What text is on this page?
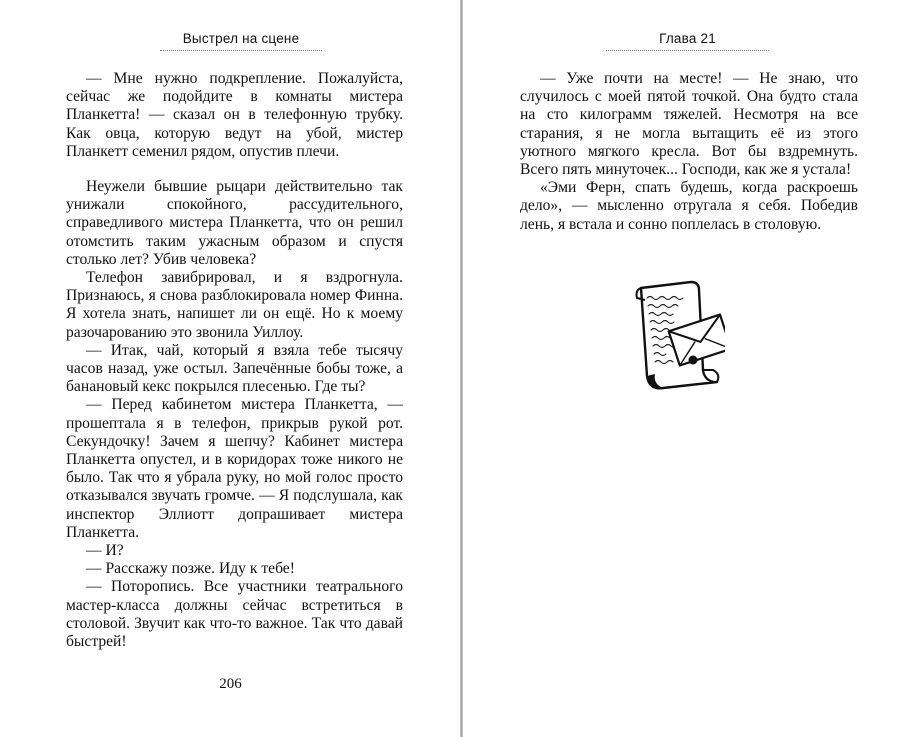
Выстрел на сцене

— Мне нужно подкрепление. Пожалуйста, сейчас же подойдите в комнаты мистера Планкетта! — сказал он в телефонную трубку. Как овца, которую ведут на убой, мистер Планкетт семенил рядом, опустив плечи.

Неужели бывшие рыцари действительно так унижали спокойного, рассудительного, справедливого мистера Планкетта, что он решил отомстить таким ужасным образом и спустя столько лет? Убив человека?

Телефон завибрировал, и я вздрогнула. Признаюсь, я снова разблокировала номер Финна. Я хотела знать, напишет ли он ещё. Но к моему разочарованию это звонила Уиллоу.

— Итак, чай, который я взяла тебе тысячу часов назад, уже остыл. Запечённые бобы тоже, а банановый кекс покрылся плесенью. Где ты?

— Перед кабинетом мистера Планкетта, — прошептала я в телефон, прикрыв рукой рот. Секундочку! Зачем я шепчу? Кабинет мистера Планкетта опустел, и в коридорах тоже никого не было. Так что я убрала руку, но мой голос просто отказывался звучать громче. — Я подслушала, как инспектор Эллиотт допрашивает мистера Планкетта.

— И?

— Расскажу позже. Иду к тебе!

— Поторопись. Все участники театрального мастер-класса должны сейчас встретиться в столовой. Звучит как что-то важное. Так что давай быстрей!

206
Глава 21

— Уже почти на месте! — Не знаю, что случилось с моей пятой точкой. Она будто стала на сто килограмм тяжелей. Несмотря на все старания, я не могла вытащить её из этого уютного мягкого кресла. Вот бы вздремнуть. Всего пять минуточек... Господи, как же я устала!

«Эми Ферн, спать будешь, когда раскроешь дело», — мысленно отругала я себя. Победив лень, я встала и сонно поплелась в столовую.
